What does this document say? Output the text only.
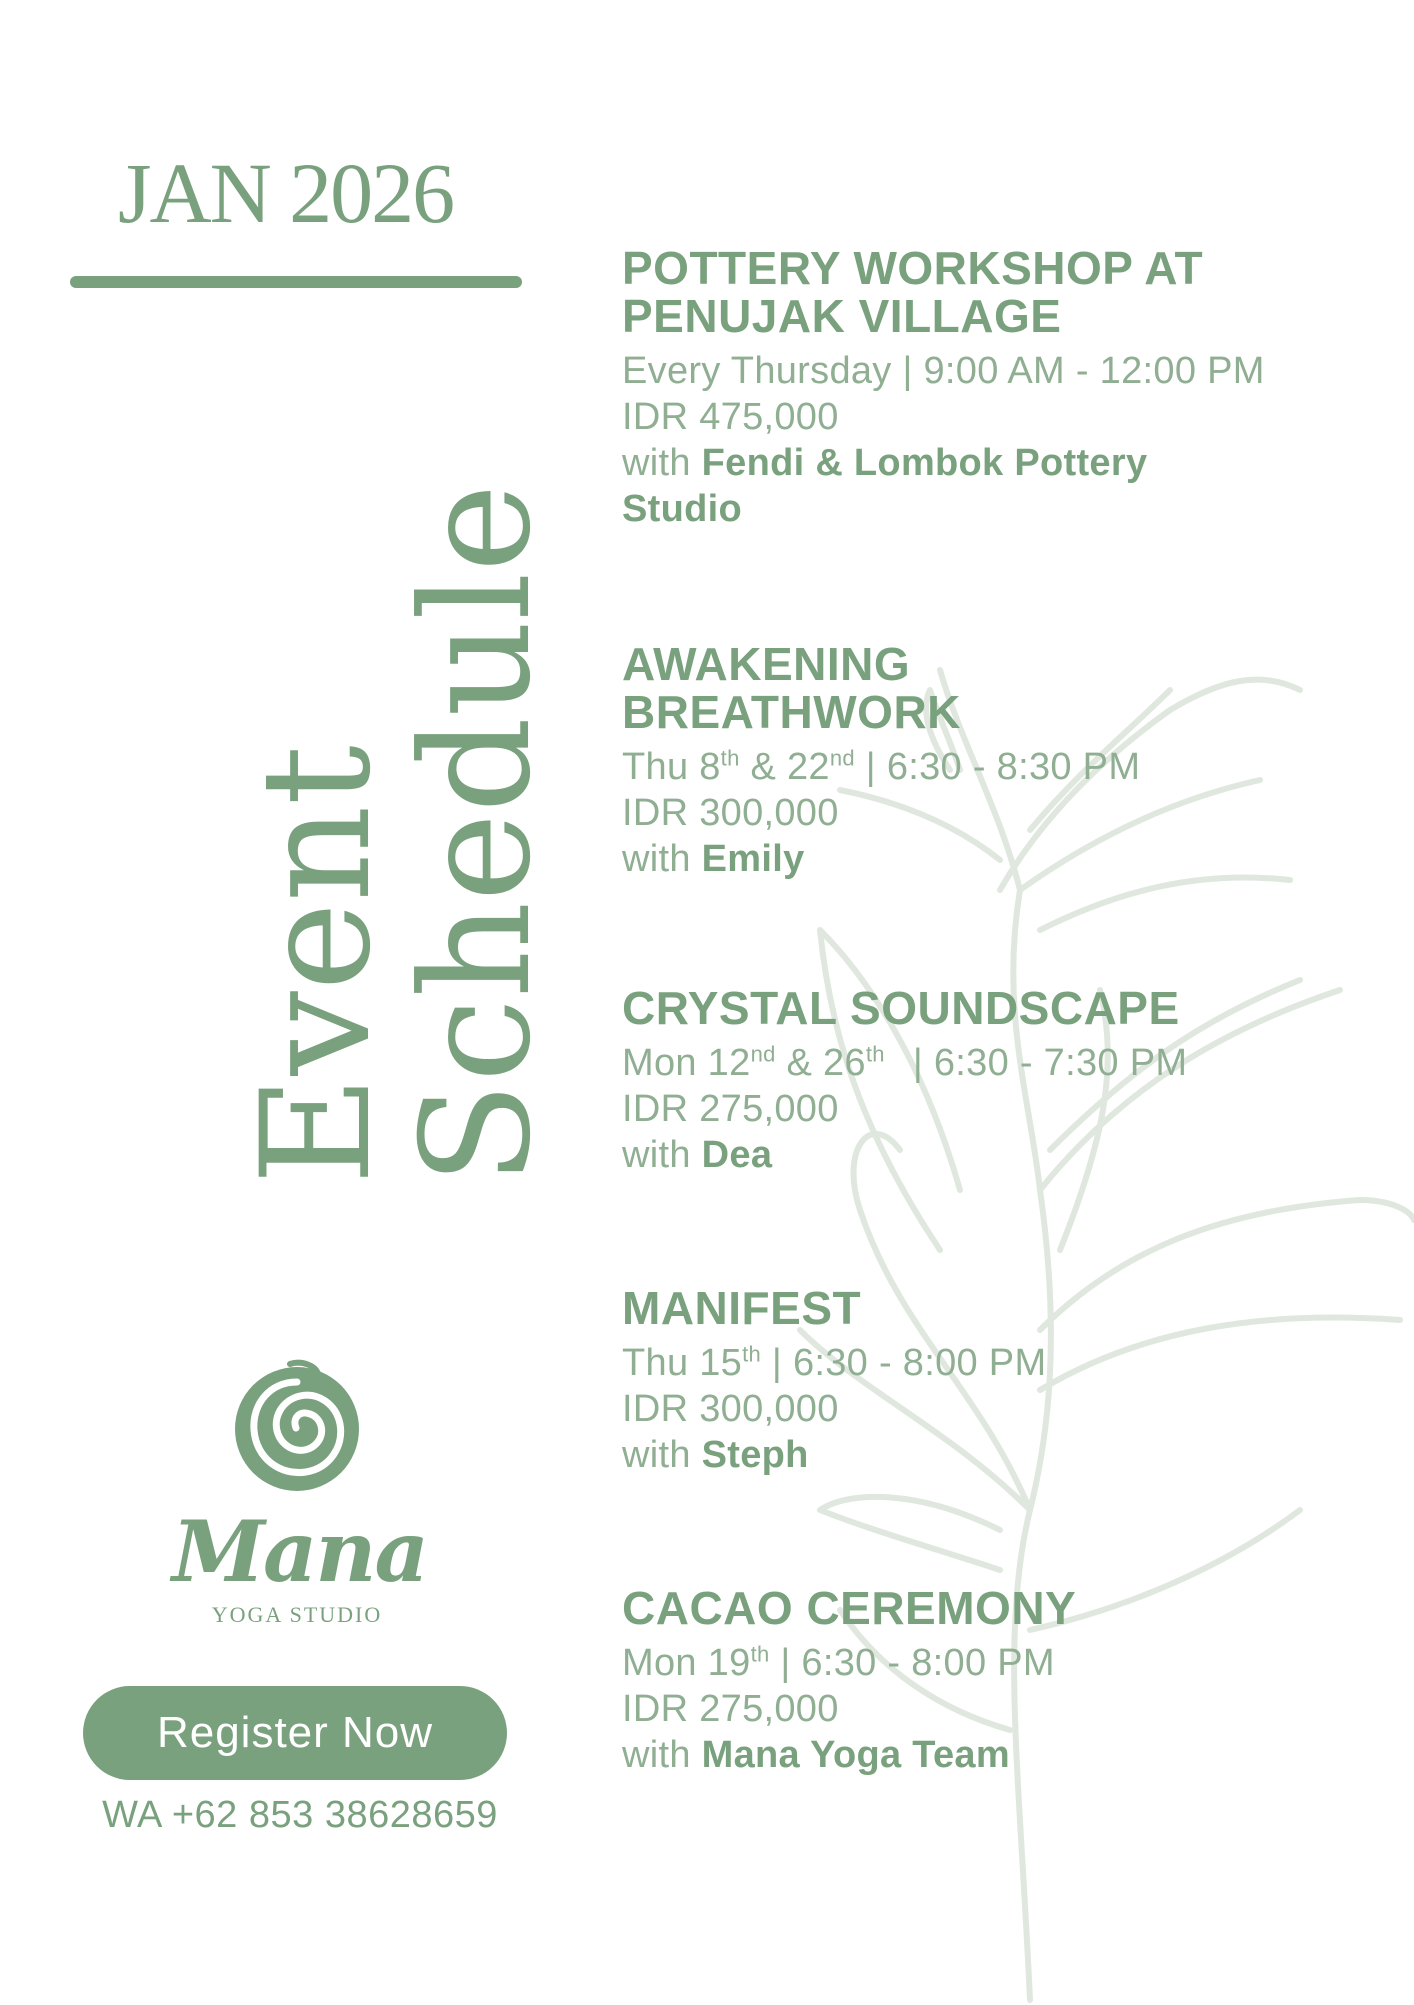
JAN 2026
Event
Schedule
Mana
YOGA STUDIO
Register Now
WA +62 853 38628659
POTTERY WORKSHOP AT
PENUJAK VILLAGE
Every Thursday | 9:00 AM - 12:00 PM
IDR 475,000
with Fendi & Lombok Pottery
Studio
AWAKENING
BREATHWORK
Thu 8th & 22nd | 6:30 - 8:30 PM
IDR 300,000
with Emily
CRYSTAL SOUNDSCAPE
Mon 12nd & 26th | 6:30 - 7:30 PM
IDR 275,000
with Dea
MANIFEST
Thu 15th | 6:30 - 8:00 PM
IDR 300,000
with Steph
CACAO CEREMONY
Mon 19th | 6:30 - 8:00 PM
IDR 275,000
with Mana Yoga Team
